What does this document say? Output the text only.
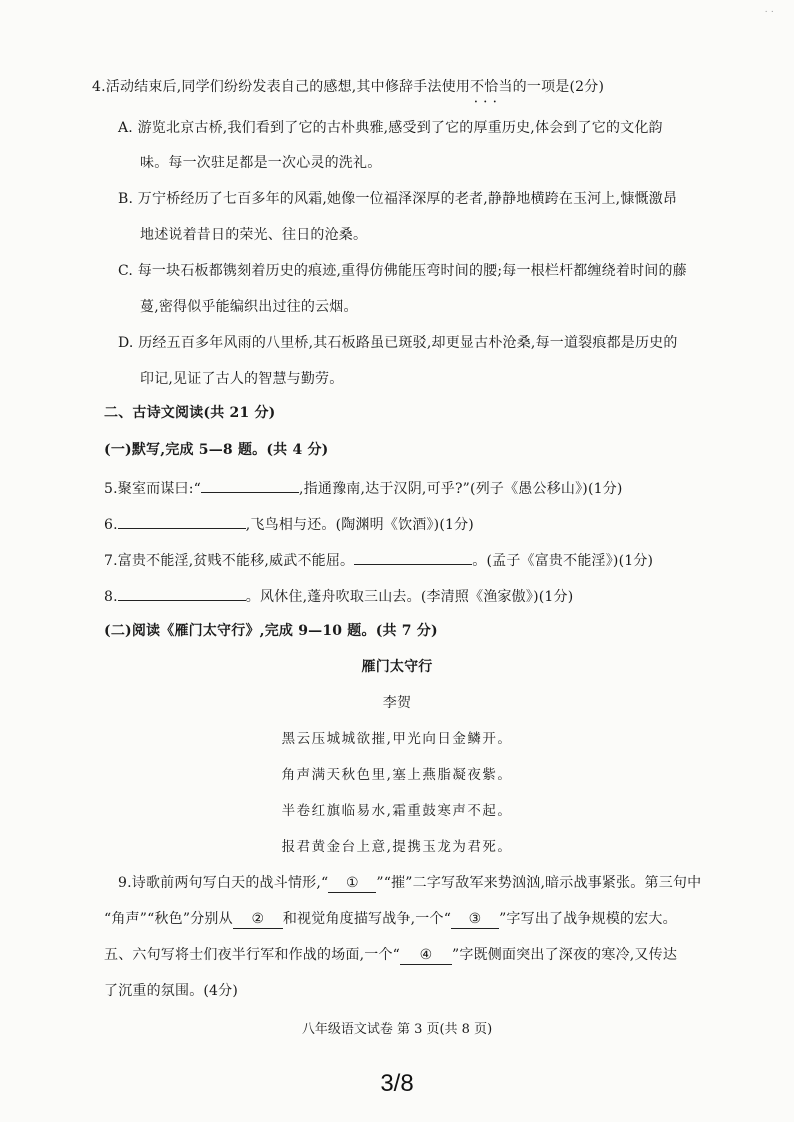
· ·
4.活动结束后,同学们纷纷发表自己的感想,其中修辞手法使用不恰当 • • •的一项是(2分)
A. 游览北京古桥,我们看到了它的古朴典雅,感受到了它的厚重历史,体会到了它的文化韵
味。每一次驻足都是一次心灵的洗礼。
B. 万宁桥经历了七百多年的风霜,她像一位福泽深厚的老者,静静地横跨在玉河上,慷慨激昂
地述说着昔日的荣光、往日的沧桑。
C. 每一块石板都镌刻着历史的痕迹,重得仿佛能压弯时间的腰;每一根栏杆都缠绕着时间的藤
蔓,密得似乎能编织出过往的云烟。
D. 历经五百多年风雨的八里桥,其石板路虽已斑驳,却更显古朴沧桑,每一道裂痕都是历史的
印记,见证了古人的智慧与勤劳。
二、古诗文阅读(共 21 分)
(一)默写,完成 5—8 题。(共 4 分)
5.聚室而谋曰:“	,指通豫南,达于汉阴,可乎?”(列子《愚公移山》)(1分)
6.	,飞鸟相与还。(陶渊明《饮酒》)(1分)
7.富贵不能淫,贫贱不能移,威武不能屈。	。(孟子《富贵不能淫》)(1分)
8.	。风休住,蓬舟吹取三山去。(李清照《渔家傲》)(1分)
(二)阅读《雁门太守行》,完成 9—10 题。(共 7 分)
雁门太守行
李贺
黑云压城城欲摧,甲光向日金鳞开。
角声满天秋色里,塞上燕脂凝夜紫。
半卷红旗临易水,霜重鼓寒声不起。
报君黄金台上意,提携玉龙为君死。
9.诗歌前两句写白天的战斗情形,“ ① ”“摧”二字写敌军来势汹汹,暗示战事紧张。第三句中
“角声”“秋色”分别从 ② 和视觉角度描写战争,一个“ ③ ”字写出了战争规模的宏大。
五、六句写将士们夜半行军和作战的场面,一个“ ④ ”字既侧面突出了深夜的寒冷,又传达
了沉重的氛围。(4分)
八年级语文试卷 第 3 页(共 8 页)
3/8
